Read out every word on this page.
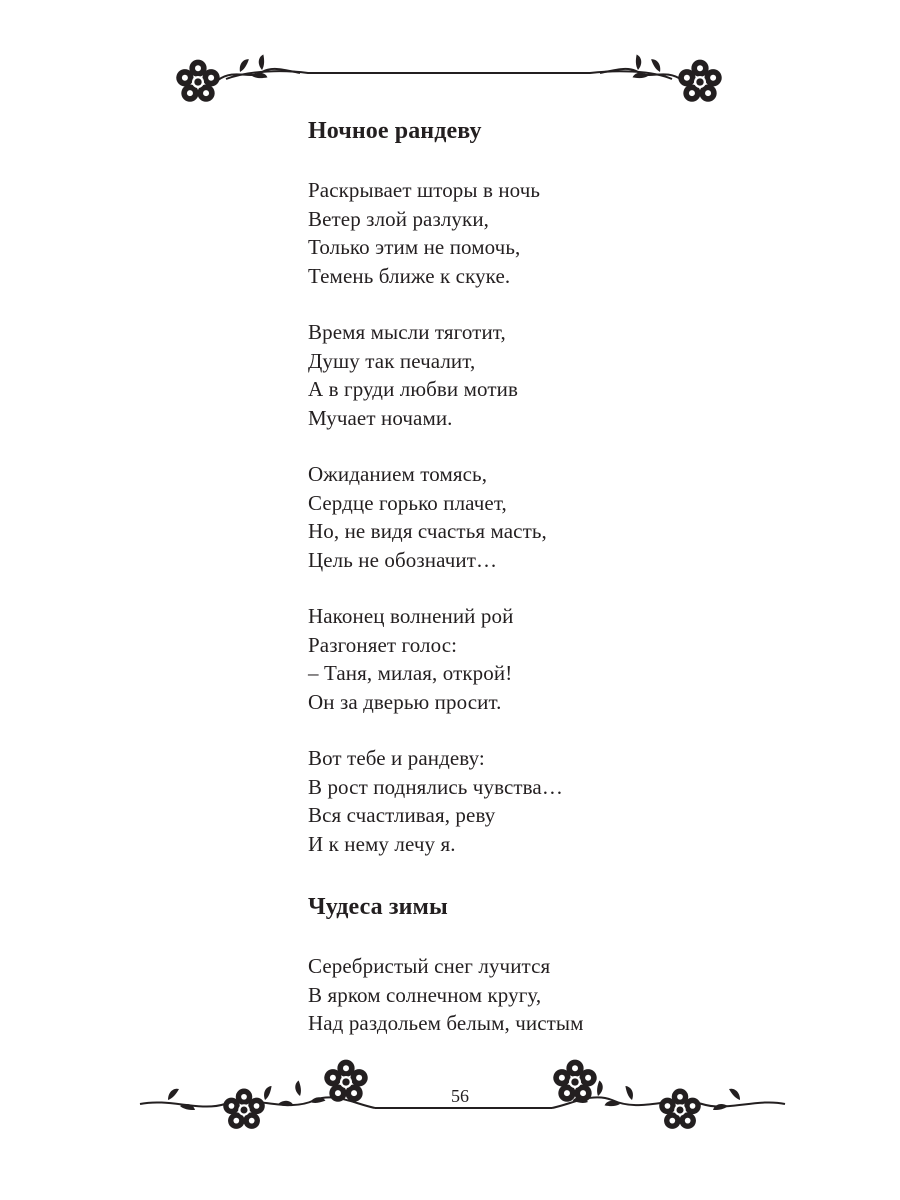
Ночное рандеву
Раскрывает шторы в ночь
Ветер злой разлуки,
Только этим не помочь,
Темень ближе к скуке.
Время мысли тяготит,
Душу так печалит,
А в груди любви мотив
Мучает ночами.
Ожиданием томясь,
Сердце горько плачет,
Но, не видя счастья масть,
Цель не обозначит…
Наконец волнений рой
Разгоняет голос:
– Таня, милая, открой!
Он за дверью просит.
Вот тебе и рандеву:
В рост поднялись чувства…
Вся счастливая, реву
И к нему лечу я.
Чудеса зимы
Серебристый снег лучится
В ярком солнечном кругу,
Над раздольем белым, чистым
56
